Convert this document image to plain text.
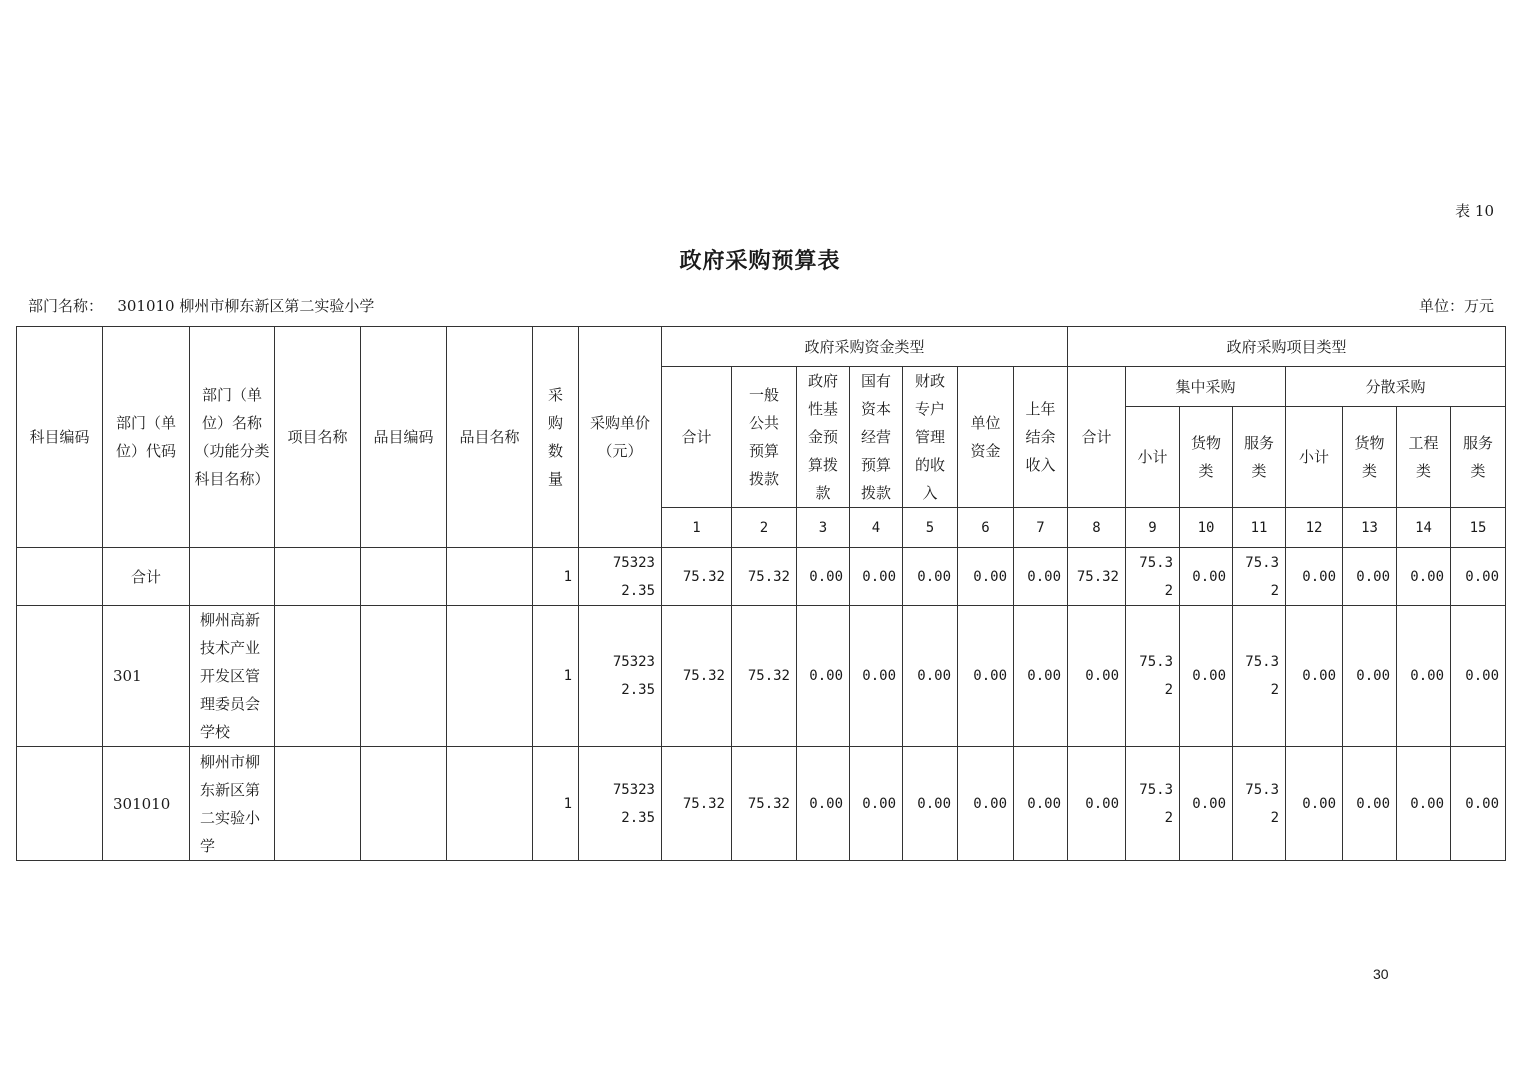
表 10
政府采购预算表
部门名称： 301010 柳州市柳东新区第二实验小学	单位：万元
科目编码	部门（单位）代码	部门（单位）名称（功能分类科目名称）	项目名称	品目编码	品目名称	采购数量	采购单价（元）	政府采购资金类型							政府采购项目类型							
								合计	一般公共预算拨款	政府性基金预算拨款	国有资本经营预算拨款	财政专户管理的收入	单位资金	上年结余收入	合计	集中采购			分散采购			
																小计	货物类	服务类	小计	货物类	工程类	服务类
								1	2	3	4	5	6	7	8	9	10	11	12	13	14	15
	合计					1	753232.35	75.32	75.32	0.00	0.00	0.00	0.00	0.00	75.32	75.32	0.00	75.32	0.00	0.00	0.00	0.00
	301	柳州高新技术产业开发区管理委员会学校				1	753232.35	75.32	75.32	0.00	0.00	0.00	0.00	0.00	0.00	75.32	0.00	75.32	0.00	0.00	0.00	0.00
	301010	柳州市柳东新区第二实验小学				1	753232.35	75.32	75.32	0.00	0.00	0.00	0.00	0.00	0.00	75.32	0.00	75.32	0.00	0.00	0.00	0.00
30
